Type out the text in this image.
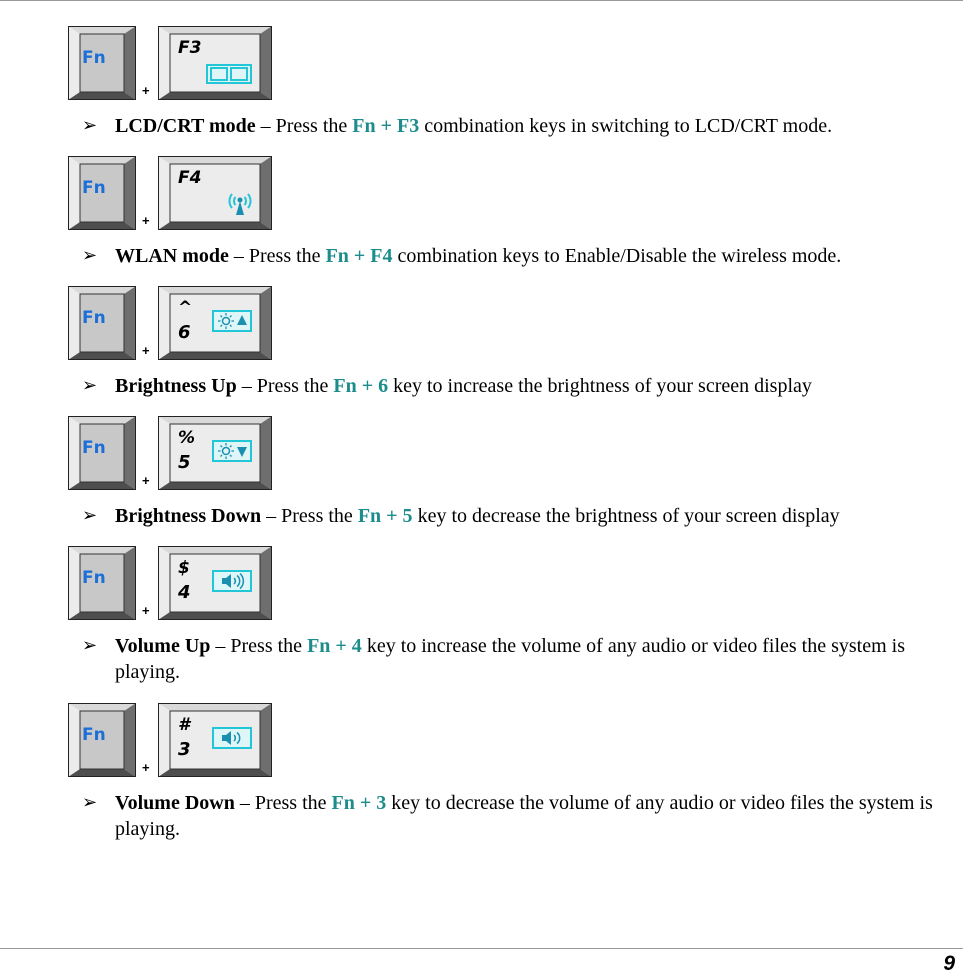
Fn
+
F3
➢ LCD/CRT mode – Press the Fn + F3 combination keys in switching to LCD/CRT mode.
Fn
+
F4
➢ WLAN mode – Press the Fn + F4 combination keys to Enable/Disable the wireless mode.
Fn
+
^
6
➢ Brightness Up – Press the Fn + 6 key to increase the brightness of your screen display
Fn
+
%
5
➢ Brightness Down – Press the Fn + 5 key to decrease the brightness of your screen display
Fn
+
$
4
➢ Volume Up – Press the Fn + 4 key to increase the volume of any audio or video files the system is playing.
Fn
+
#
3
➢ Volume Down – Press the Fn + 3 key to decrease the volume of any audio or video files the system is playing.
9
